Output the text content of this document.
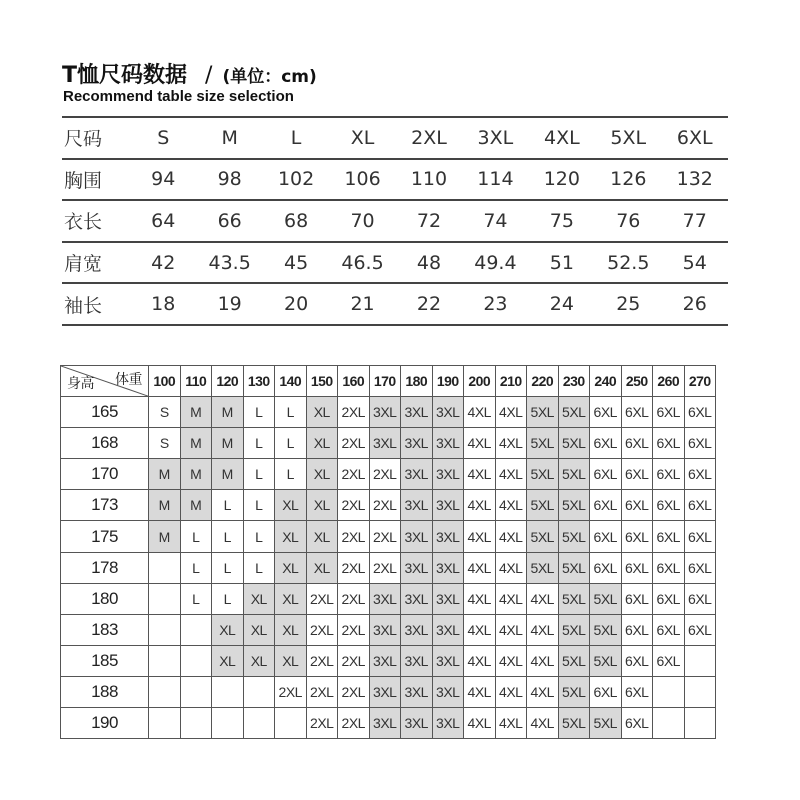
T恤尺码数据 / (单位：cm)
Recommend table size selection
尺码	S	M	L	XL	2XL	3XL	4XL	5XL	6XL
胸围	94	98	102	106	110	114	120	126	132
衣长	64	66	68	70	72	74	75	76	77
肩宽	42	43.5	45	46.5	48	49.4	51	52.5	54
袖长	18	19	20	21	22	23	24	25	26
体重
身高	100	110	120	130	140	150	160	170	180	190	200	210	220	230	240	250	260	270
165	S	M	M	L	L	XL	2XL	3XL	3XL	3XL	4XL	4XL	5XL	5XL	6XL	6XL	6XL	6XL
168	S	M	M	L	L	XL	2XL	3XL	3XL	3XL	4XL	4XL	5XL	5XL	6XL	6XL	6XL	6XL
170	M	M	M	L	L	XL	2XL	2XL	3XL	3XL	4XL	4XL	5XL	5XL	6XL	6XL	6XL	6XL
173	M	M	L	L	XL	XL	2XL	2XL	3XL	3XL	4XL	4XL	5XL	5XL	6XL	6XL	6XL	6XL
175	M	L	L	L	XL	XL	2XL	2XL	3XL	3XL	4XL	4XL	5XL	5XL	6XL	6XL	6XL	6XL
178		L	L	L	XL	XL	2XL	2XL	3XL	3XL	4XL	4XL	5XL	5XL	6XL	6XL	6XL	6XL
180		L	L	XL	XL	2XL	2XL	3XL	3XL	3XL	4XL	4XL	4XL	5XL	5XL	6XL	6XL	6XL
183			XL	XL	XL	2XL	2XL	3XL	3XL	3XL	4XL	4XL	4XL	5XL	5XL	6XL	6XL	6XL
185			XL	XL	XL	2XL	2XL	3XL	3XL	3XL	4XL	4XL	4XL	5XL	5XL	6XL	6XL	
188					2XL	2XL	2XL	3XL	3XL	3XL	4XL	4XL	4XL	5XL	6XL	6XL		
190						2XL	2XL	3XL	3XL	3XL	4XL	4XL	4XL	5XL	5XL	6XL		
